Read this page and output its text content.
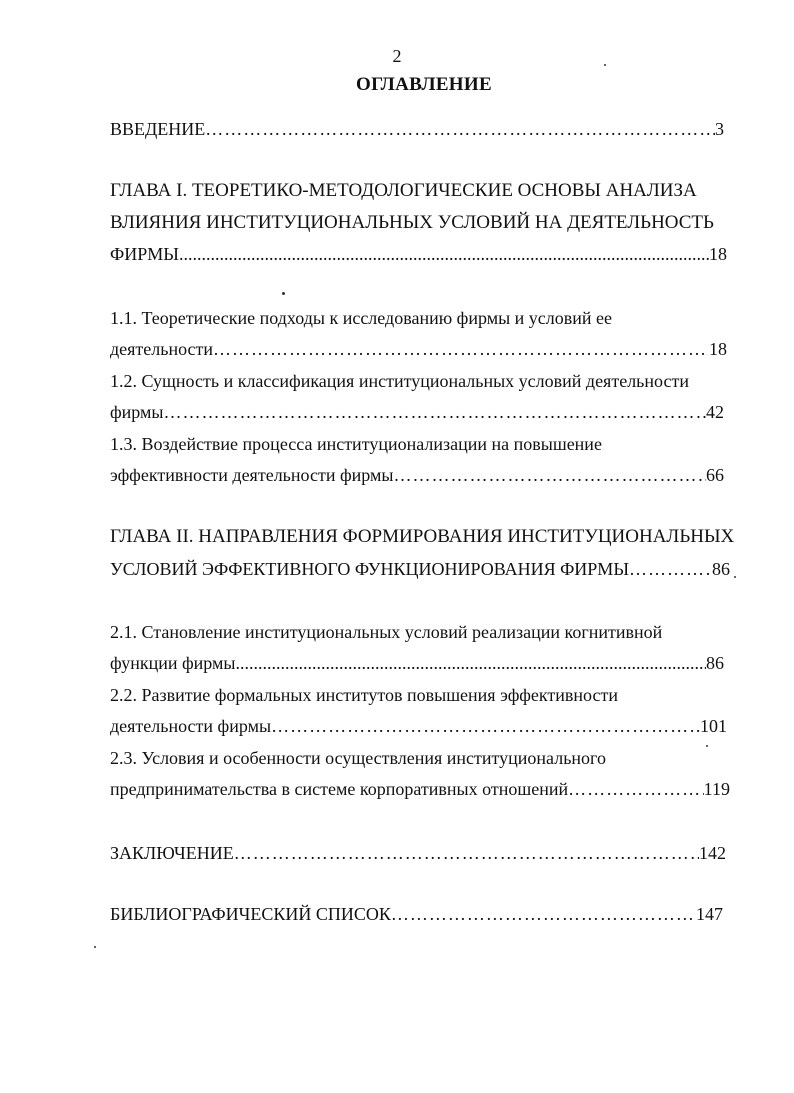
2
ОГЛАВЛЕНИЕ
ВВЕДЕНИЕ ………………………………………………………………………………………………………………………………………………………………………	3
ГЛАВА I. ТЕОРЕТИКО-МЕТОДОЛОГИЧЕСКИЕ ОСНОВЫ АНАЛИЗА
ВЛИЯНИЯ ИНСТИТУЦИОНАЛЬНЫХ УСЛОВИЙ НА ДЕЯТЕЛЬНОСТЬ
ФИРМЫ .....	18
1.1. Теоретические подходы к исследованию фирмы и условий ее
деятельности ………………………………………………………………………………………………………………………………………………………………………	18
1.2. Сущность и классификация институциональных условий деятельности
фирмы ………………………………………………………………………………………………………………………………………………………………………	42
1.3. Воздействие процесса институционализации на повышение
эффективности деятельности фирмы ………………………………………………………………………………………………………………………………………………………………………	66
ГЛАВА II. НАПРАВЛЕНИЯ ФОРМИРОВАНИЯ ИНСТИТУЦИОНАЛЬНЫХ
УСЛОВИЙ ЭФФЕКТИВНОГО ФУНКЦИОНИРОВАНИЯ ФИРМЫ ………………………………………………………………………………………………………………………………………………………………………	86
2.1. Становление институциональных условий реализации когнитивной
функции фирмы .....	86
2.2. Развитие формальных институтов повышения эффективности
деятельности фирмы ………………………………………………………………………………………………………………………………………………………………………	101
2.3. Условия и особенности осуществления институционального
предпринимательства в системе корпоративных отношений ………………………………………………………………………………………………………………………………………………………………………	119
ЗАКЛЮЧЕНИЕ ………………………………………………………………………………………………………………………………………………………………………	142
БИБЛИОГРАФИЧЕСКИЙ СПИСОК ………………………………………………………………………………………………………………………………………………………………………	147
